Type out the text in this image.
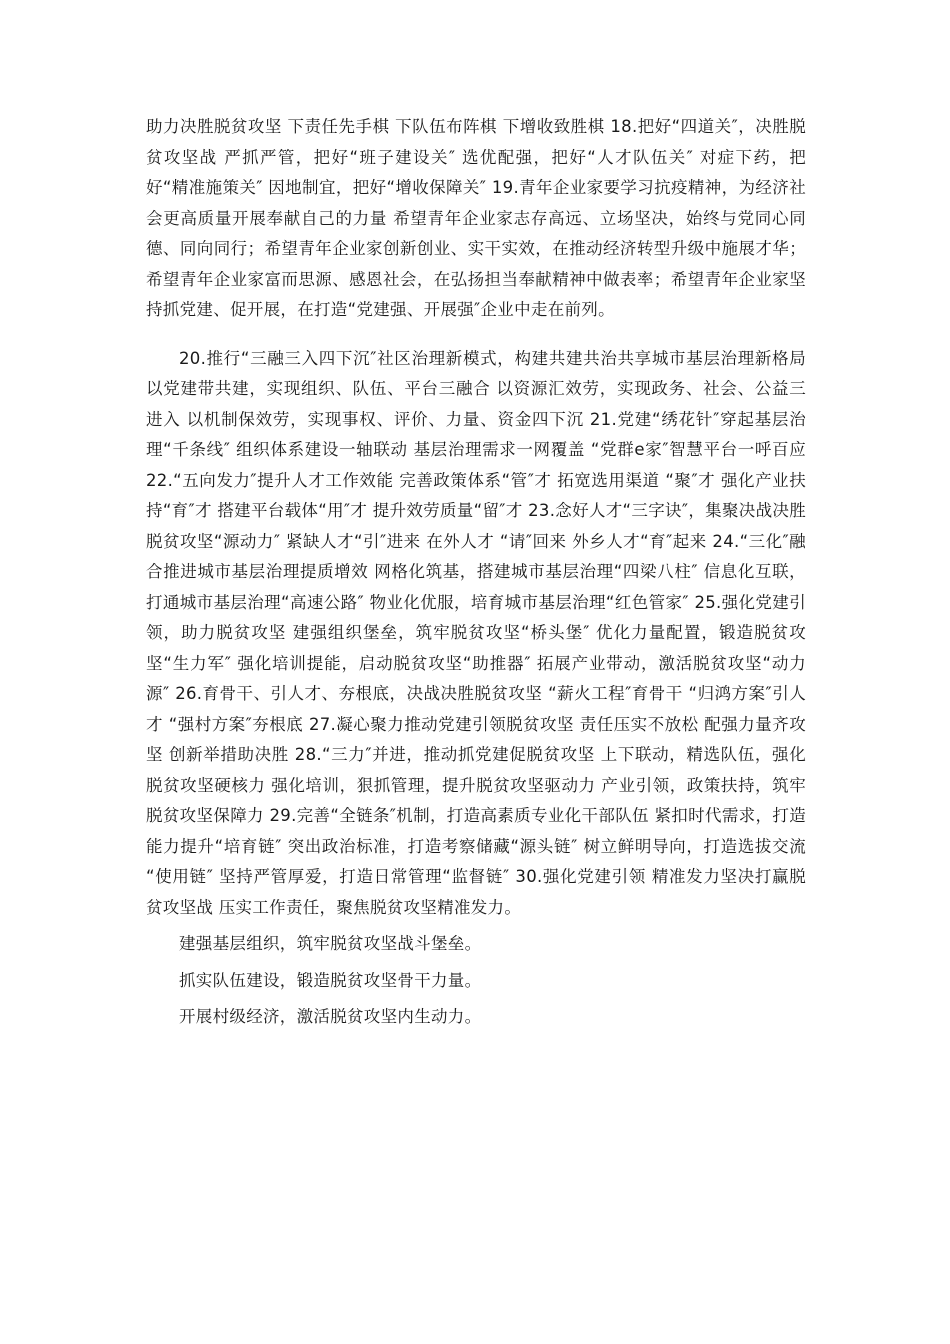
助力决胜脱贫攻坚 下责任先手棋 下队伍布阵棋 下增收致胜棋 18.把好“四道关″，决胜脱贫攻坚战 严抓严管，把好“班子建设关″ 选优配强，把好“人才队伍关″ 对症下药，把好“精准施策关″ 因地制宜，把好“增收保障关″ 19.青年企业家要学习抗疫精神，为经济社会更高质量开展奉献自己的力量 希望青年企业家志存高远、立场坚决，始终与党同心同德、同向同行；希望青年企业家创新创业、实干实效，在推动经济转型升级中施展才华；希望青年企业家富而思源、感恩社会，在弘扬担当奉献精神中做表率；希望青年企业家坚持抓党建、促开展，在打造“党建强、开展强″企业中走在前列。

20.推行“三融三入四下沉″社区治理新模式，构建共建共治共享城市基层治理新格局 以党建带共建，实现组织、队伍、平台三融合 以资源汇效劳，实现政务、社会、公益三进入 以机制保效劳，实现事权、评价、力量、资金四下沉 21.党建“绣花针″穿起基层治理“千条线″ 组织体系建设一轴联动 基层治理需求一网覆盖 “党群e家″智慧平台一呼百应 22.“五向发力″提升人才工作效能 完善政策体系“管″才 拓宽选用渠道 “聚″才 强化产业扶持“育″才 搭建平台载体“用″才 提升效劳质量“留″才 23.念好人才“三字诀″，集聚决战决胜脱贫攻坚“源动力″ 紧缺人才“引″进来 在外人才 “请″回来 外乡人才“育″起来 24.“三化″融合推进城市基层治理提质增效 网格化筑基，搭建城市基层治理“四梁八柱″ 信息化互联，打通城市基层治理“高速公路″ 物业化优服，培育城市基层治理“红色管家″ 25.强化党建引领，助力脱贫攻坚 建强组织堡垒，筑牢脱贫攻坚“桥头堡″ 优化力量配置，锻造脱贫攻坚“生力军″ 强化培训提能，启动脱贫攻坚“助推器″ 拓展产业带动，激活脱贫攻坚“动力源″ 26.育骨干、引人才、夯根底，决战决胜脱贫攻坚 “薪火工程″育骨干 “归鸿方案″引人才 “强村方案″夯根底 27.凝心聚力推动党建引领脱贫攻坚 责任压实不放松 配强力量齐攻坚 创新举措助决胜 28.“三力″并进，推动抓党建促脱贫攻坚 上下联动，精选队伍，强化脱贫攻坚硬核力 强化培训，狠抓管理，提升脱贫攻坚驱动力 产业引领，政策扶持，筑牢脱贫攻坚保障力 29.完善“全链条″机制，打造高素质专业化干部队伍 紧扣时代需求，打造能力提升“培育链″ 突出政治标准，打造考察储藏“源头链″ 树立鲜明导向，打造选拔交流 “使用链″ 坚持严管厚爱，打造日常管理“监督链″ 30.强化党建引领 精准发力坚决打赢脱贫攻坚战 压实工作责任，聚焦脱贫攻坚精准发力。

建强基层组织，筑牢脱贫攻坚战斗堡垒。

抓实队伍建设，锻造脱贫攻坚骨干力量。

开展村级经济，激活脱贫攻坚内生动力。
